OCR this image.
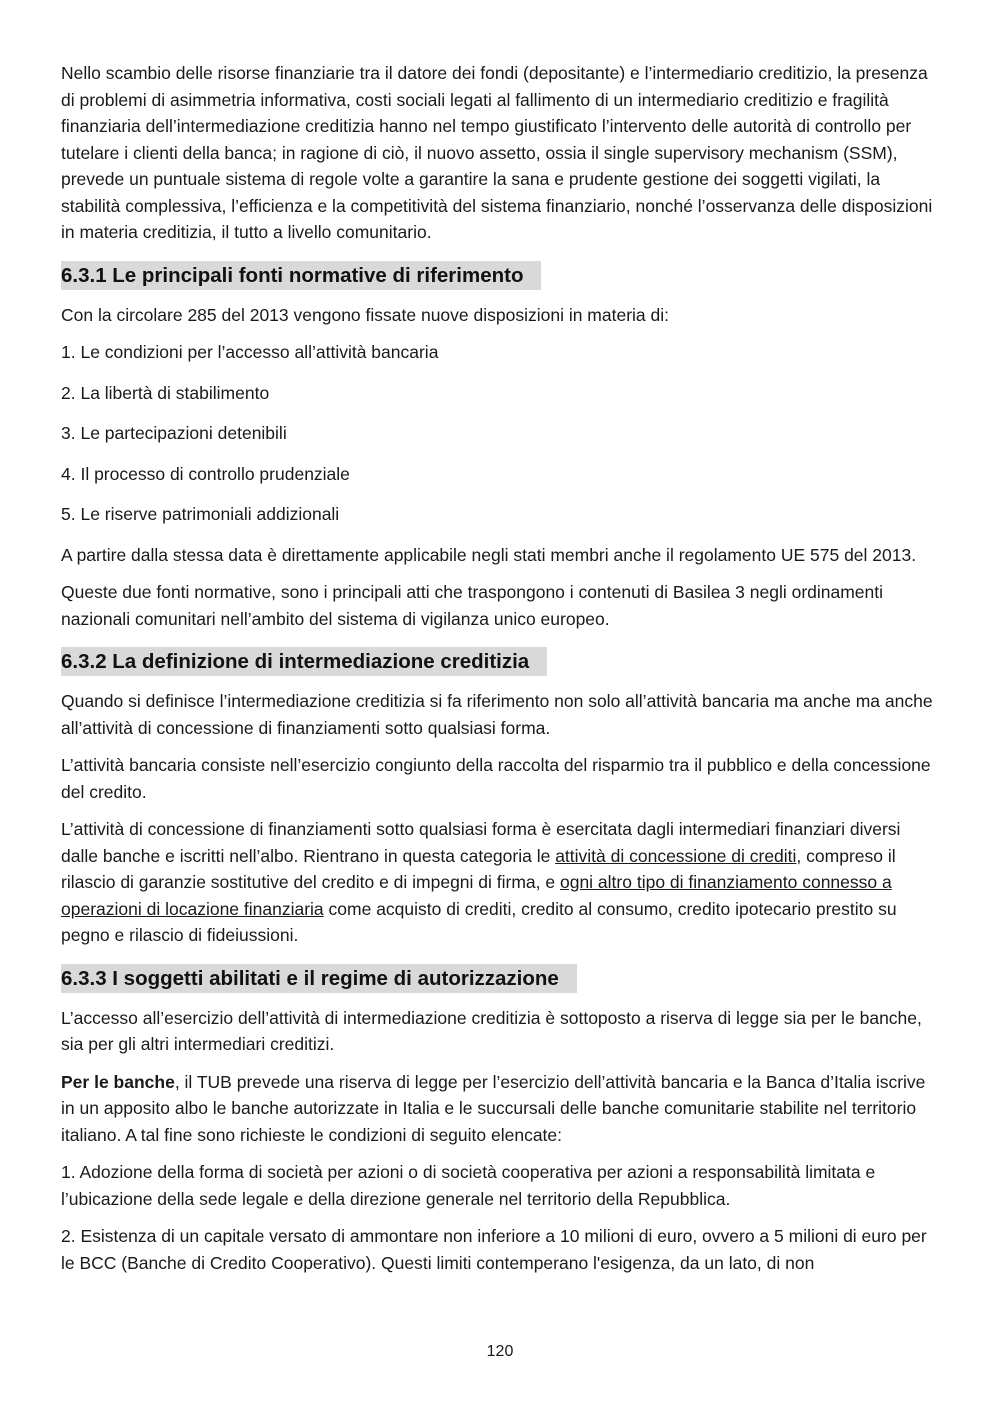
Nello scambio delle risorse finanziarie tra il datore dei fondi (depositante) e l’intermediario creditizio, la presenza di problemi di asimmetria informativa, costi sociali legati al fallimento di un intermediario creditizio e fragilità finanziaria dell’intermediazione creditizia hanno nel tempo giustificato l’intervento delle autorità di controllo per tutelare i clienti della banca; in ragione di ciò, il nuovo assetto, ossia il single supervisory mechanism (SSM), prevede un puntuale sistema di regole volte a garantire la sana e prudente gestione dei soggetti vigilati, la stabilità complessiva, l’efficienza e la competitività del sistema finanziario, nonché l’osservanza delle disposizioni in materia creditizia, il tutto a livello comunitario.

6.3.1 Le principali fonti normative di riferimento

Con la circolare 285 del 2013 vengono fissate nuove disposizioni in materia di:

1. Le condizioni per l’accesso all’attività bancaria

2. La libertà di stabilimento

3. Le partecipazioni detenibili

4. Il processo di controllo prudenziale

5. Le riserve patrimoniali addizionali

A partire dalla stessa data è direttamente applicabile negli stati membri anche il regolamento UE 575 del 2013.

Queste due fonti normative, sono i principali atti che traspongono i contenuti di Basilea 3 negli ordinamenti nazionali comunitari nell’ambito del sistema di vigilanza unico europeo.

6.3.2 La definizione di intermediazione creditizia

Quando si definisce l’intermediazione creditizia si fa riferimento non solo all’attività bancaria ma anche ma anche all’attività di concessione di finanziamenti sotto qualsiasi forma.

L’attività bancaria consiste nell’esercizio congiunto della raccolta del risparmio tra il pubblico e della concessione del credito.

L’attività di concessione di finanziamenti sotto qualsiasi forma è esercitata dagli intermediari finanziari diversi dalle banche e iscritti nell’albo. Rientrano in questa categoria le attività di concessione di crediti, compreso il rilascio di garanzie sostitutive del credito e di impegni di firma, e ogni altro tipo di finanziamento connesso a operazioni di locazione finanziaria come acquisto di crediti, credito al consumo, credito ipotecario prestito su pegno e rilascio di fideiussioni.

6.3.3 I soggetti abilitati e il regime di autorizzazione

L’accesso all’esercizio dell’attività di intermediazione creditizia è sottoposto a riserva di legge sia per le banche, sia per gli altri intermediari creditizi.

Per le banche, il TUB prevede una riserva di legge per l’esercizio dell’attività bancaria e la Banca d’Italia iscrive in un apposito albo le banche autorizzate in Italia e le succursali delle banche comunitarie stabilite nel territorio italiano. A tal fine sono richieste le condizioni di seguito elencate:

1. Adozione della forma di società per azioni o di società cooperativa per azioni a responsabilità limitata e l’ubicazione della sede legale e della direzione generale nel territorio della Repubblica.

2. Esistenza di un capitale versato di ammontare non inferiore a 10 milioni di euro, ovvero a 5 milioni di euro per le BCC (Banche di Credito Cooperativo). Questi limiti contemperano l'esigenza, da un lato, di non

120
